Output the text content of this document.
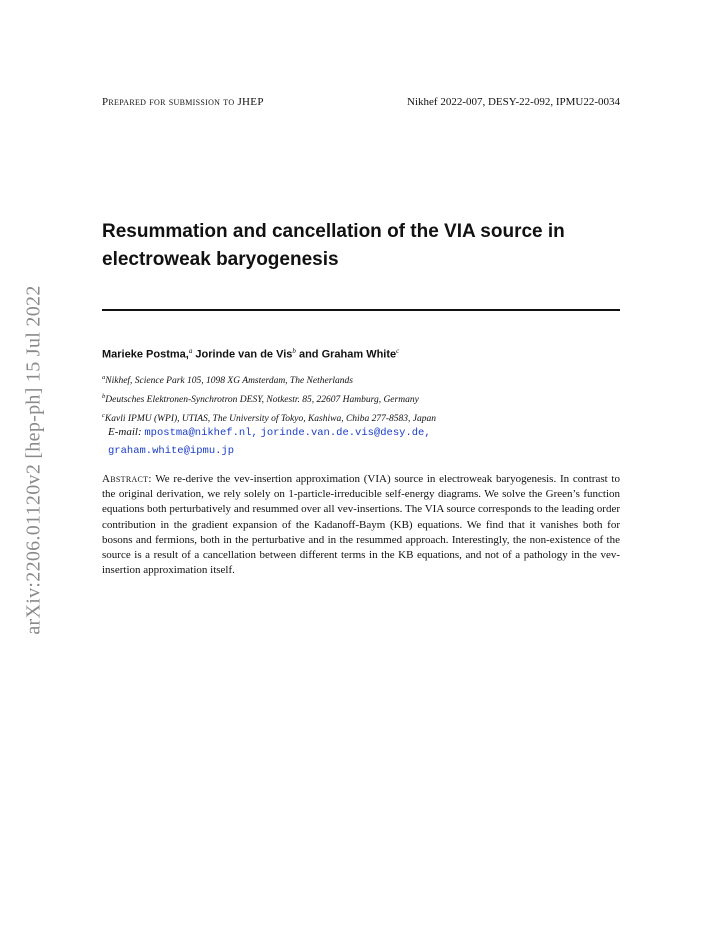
arXiv:2206.01120v2 [hep-ph] 15 Jul 2022
Prepared for submission to JHEP	Nikhef 2022-007, DESY-22-092, IPMU22-0034
Resummation and cancellation of the VIA source in
electroweak baryogenesis
Marieke Postma,$^a$ Jorinde van de Vis$^b$ and Graham White$^c$
$^a$Nikhef, Science Park 105, 1098 XG Amsterdam, The Netherlands
$^b$Deutsches Elektronen-Synchrotron DESY, Notkestr. 85, 22607 Hamburg, Germany
$^c$Kavli IPMU (WPI), UTIAS, The University of Tokyo, Kashiwa, Chiba 277-8583, Japan
E-mail: mpostma@nikhef.nl, jorinde.van.de.vis@desy.de,
graham.white@ipmu.jp

Abstract: We re-derive the vev-insertion approximation (VIA) source in electroweak baryogenesis. In contrast to the original derivation, we rely solely on 1-particle-irreducible self-energy diagrams. We solve the Green’s function equations both perturbatively and resummed over all vev-insertions. The VIA source corresponds to the leading order contribution in the gradient expansion of the Kadanoff-Baym (KB) equations. We find that it vanishes both for bosons and fermions, both in the perturbative and in the resummed approach. Interestingly, the non-existence of the source is a result of a cancellation between different terms in the KB equations, and not of a pathology in the vev-insertion approximation itself.
